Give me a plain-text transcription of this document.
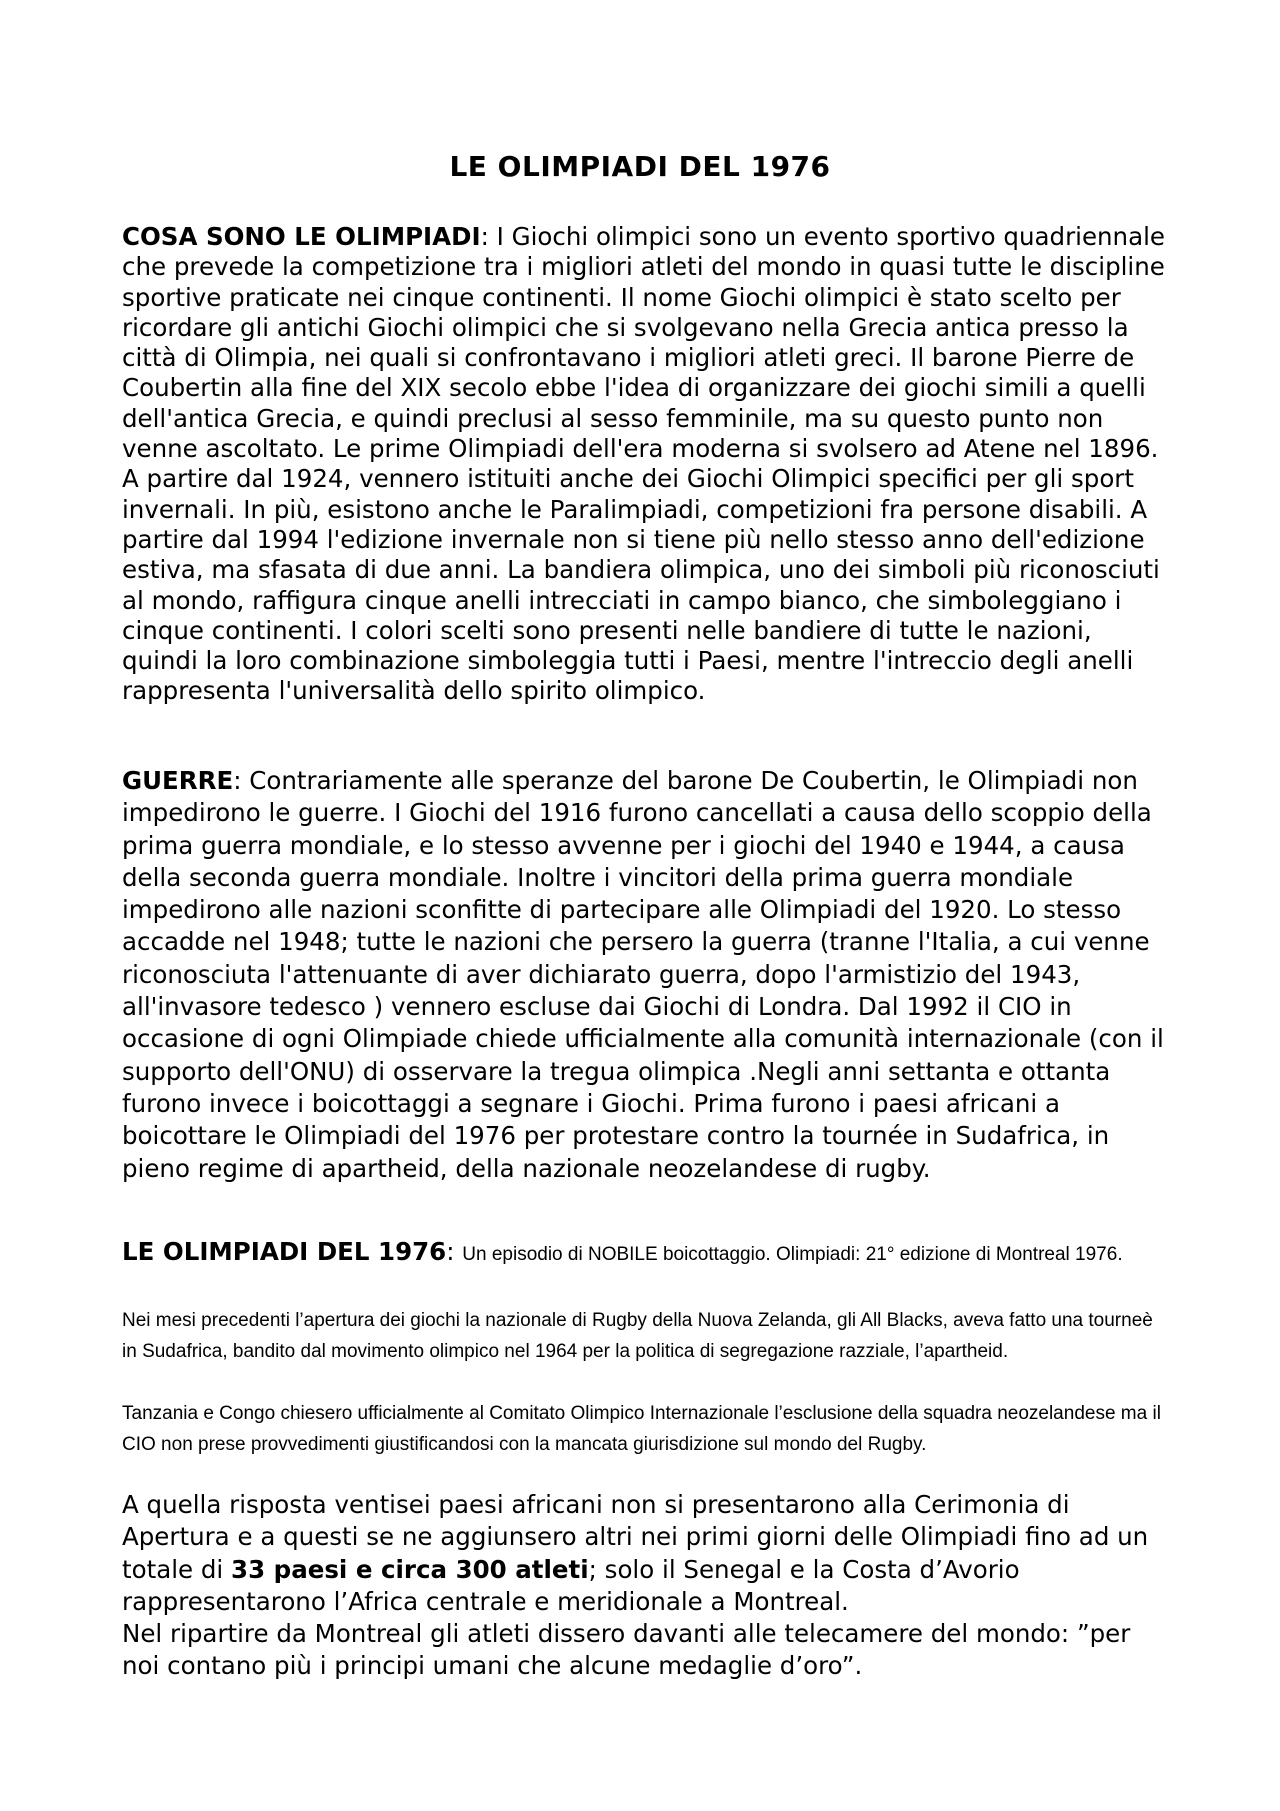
LE OLIMPIADI DEL 1976

COSA SONO LE OLIMPIADI: I Giochi olimpici sono un evento sportivo quadriennale che prevede la competizione tra i migliori atleti del mondo in quasi tutte le discipline sportive praticate nei cinque continenti. Il nome Giochi olimpici è stato scelto per ricordare gli antichi Giochi olimpici che si svolgevano nella Grecia antica presso la città di Olimpia, nei quali si confrontavano i migliori atleti greci. Il barone Pierre de Coubertin alla fine del XIX secolo ebbe l'idea di organizzare dei giochi simili a quelli dell'antica Grecia, e quindi preclusi al sesso femminile, ma su questo punto non venne ascoltato. Le prime Olimpiadi dell'era moderna si svolsero ad Atene nel 1896. A partire dal 1924, vennero istituiti anche dei Giochi Olimpici specifici per gli sport invernali. In più, esistono anche le Paralimpiadi, competizioni fra persone disabili. A partire dal 1994 l'edizione invernale non si tiene più nello stesso anno dell'edizione estiva, ma sfasata di due anni. La bandiera olimpica, uno dei simboli più riconosciuti al mondo, raffigura cinque anelli intrecciati in campo bianco, che simboleggiano i cinque continenti. I colori scelti sono presenti nelle bandiere di tutte le nazioni, quindi la loro combinazione simboleggia tutti i Paesi, mentre l'intreccio degli anelli rappresenta l'universalità dello spirito olimpico.

GUERRE: Contrariamente alle speranze del barone De Coubertin, le Olimpiadi non impedirono le guerre. I Giochi del 1916 furono cancellati a causa dello scoppio della prima guerra mondiale, e lo stesso avvenne per i giochi del 1940 e 1944, a causa della seconda guerra mondiale. Inoltre i vincitori della prima guerra mondiale impedirono alle nazioni sconfitte di partecipare alle Olimpiadi del 1920. Lo stesso accadde nel 1948; tutte le nazioni che persero la guerra (tranne l'Italia, a cui venne riconosciuta l'attenuante di aver dichiarato guerra, dopo l'armistizio del 1943, all'invasore tedesco ) vennero escluse dai Giochi di Londra. Dal 1992 il CIO in occasione di ogni Olimpiade chiede ufficialmente alla comunità internazionale (con il supporto dell'ONU) di osservare la tregua olimpica .Negli anni settanta e ottanta furono invece i boicottaggi a segnare i Giochi. Prima furono i paesi africani a boicottare le Olimpiadi del 1976 per protestare contro la tournée in Sudafrica, in pieno regime di apartheid, della nazionale neozelandese di rugby.

LE OLIMPIADI DEL 1976: Un episodio di NOBILE boicottaggio. Olimpiadi: 21° edizione di Montreal 1976.

Nei mesi precedenti l’apertura dei giochi la nazionale di Rugby della Nuova Zelanda, gli All Blacks, aveva fatto una tourneè in Sudafrica, bandito dal movimento olimpico nel 1964 per la politica di segregazione razziale, l’apartheid.

Tanzania e Congo chiesero ufficialmente al Comitato Olimpico Internazionale l’esclusione della squadra neozelandese ma il CIO non prese provvedimenti giustificandosi con la mancata giurisdizione sul mondo del Rugby.

A quella risposta ventisei paesi africani non si presentarono alla Cerimonia di Apertura e a questi se ne aggiunsero altri nei primi giorni delle Olimpiadi fino ad un totale di 33 paesi e circa 300 atleti; solo il Senegal e la Costa d’Avorio rappresentarono l’Africa centrale e meridionale a Montreal.

Nel ripartire da Montreal gli atleti dissero davanti alle telecamere del mondo: ”per noi contano più i principi umani che alcune medaglie d’oro”.
